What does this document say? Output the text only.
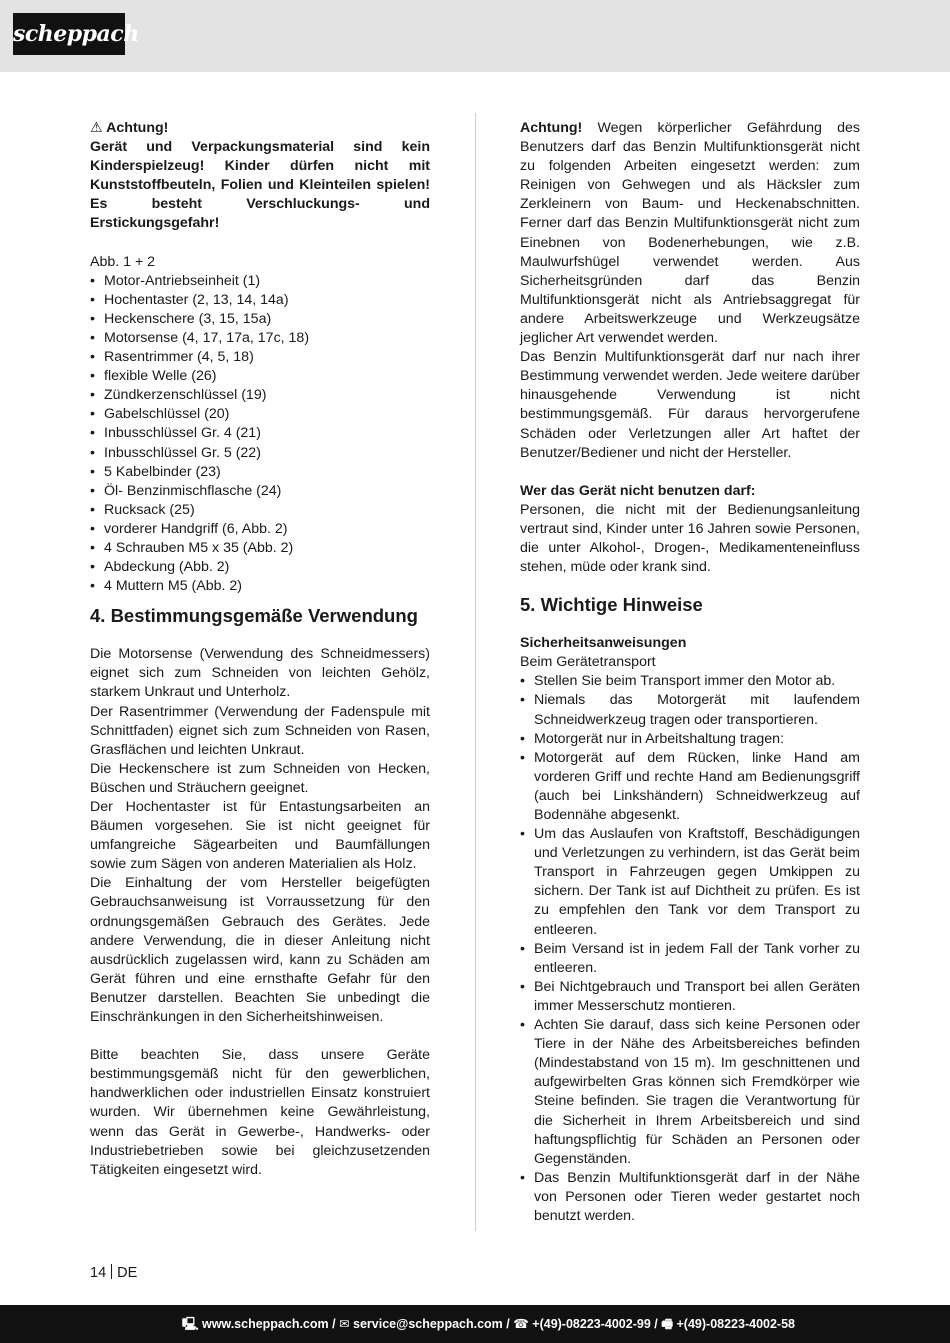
scheppach

⚠ Achtung!

Gerät und Verpackungsmaterial sind kein Kinderspielzeug! Kinder dürfen nicht mit Kunststoffbeuteln, Folien und Kleinteilen spielen! Es besteht Verschluckungs- und Erstickungsgefahr!

Abb. 1 + 2

• Motor-Antriebseinheit (1)
• Hochentaster (2, 13, 14, 14a)
• Heckenschere (3, 15, 15a)
• Motorsense (4, 17, 17a, 17c, 18)
• Rasentrimmer (4, 5, 18)
• flexible Welle (26)
• Zündkerzenschlüssel (19)
• Gabelschlüssel (20)
• Inbusschlüssel Gr. 4 (21)
• Inbusschlüssel Gr. 5 (22)
• 5 Kabelbinder (23)
• Öl- Benzinmischflasche (24)
• Rucksack (25)
• vorderer Handgriff (6, Abb. 2)
• 4 Schrauben M5 x 35 (Abb. 2)
• Abdeckung (Abb. 2)
• 4 Muttern M5 (Abb. 2)
4. Bestimmungsgemäße Verwendung

Die Motorsense (Verwendung des Schneidmessers) eignet sich zum Schneiden von leichten Gehölz, starkem Unkraut und Unterholz.

Der Rasentrimmer (Verwendung der Fadenspule mit Schnittfaden) eignet sich zum Schneiden von Rasen, Grasflächen und leichten Unkraut.

Die Heckenschere ist zum Schneiden von Hecken, Büschen und Sträuchern geeignet.

Der Hochentaster ist für Entastungsarbeiten an Bäumen vorgesehen. Sie ist nicht geeignet für umfangreiche Sägearbeiten und Baumfällungen sowie zum Sägen von anderen Materialien als Holz.

Die Einhaltung der vom Hersteller beigefügten Gebrauchsanweisung ist Vorraussetzung für den ordnungsgemäßen Gebrauch des Gerätes. Jede andere Verwendung, die in dieser Anleitung nicht ausdrücklich zugelassen wird, kann zu Schäden am Gerät führen und eine ernsthafte Gefahr für den Benutzer darstellen. Beachten Sie unbedingt die Einschränkungen in den Sicherheitshinweisen.

Bitte beachten Sie, dass unsere Geräte bestimmungsgemäß nicht für den gewerblichen, handwerklichen oder industriellen Einsatz konstruiert wurden. Wir übernehmen keine Gewährleistung, wenn das Gerät in Gewerbe-, Handwerks- oder Industriebetrieben sowie bei gleichzusetzenden Tätigkeiten eingesetzt wird.

Achtung! Wegen körperlicher Gefährdung des Benutzers darf das Benzin Multifunktionsgerät nicht zu folgenden Arbeiten eingesetzt werden: zum Reinigen von Gehwegen und als Häcksler zum Zerkleinern von Baum- und Heckenabschnitten. Ferner darf das Benzin Multifunktionsgerät nicht zum Einebnen von Bodenerhebungen, wie z.B. Maulwurfshügel verwendet werden. Aus Sicherheitsgründen darf das Benzin Multifunktionsgerät nicht als Antriebsaggregat für andere Arbeitswerkzeuge und Werkzeugsätze jeglicher Art verwendet werden.

Das Benzin Multifunktionsgerät darf nur nach ihrer Bestimmung verwendet werden. Jede weitere darüber hinausgehende Verwendung ist nicht bestimmungsgemäß. Für daraus hervorgerufene Schäden oder Verletzungen aller Art haftet der Benutzer/Bediener und nicht der Hersteller.

Wer das Gerät nicht benutzen darf:

Personen, die nicht mit der Bedienungsanleitung vertraut sind, Kinder unter 16 Jahren sowie Personen, die unter Alkohol-, Drogen-, Medikamenteneinfluss stehen, müde oder krank sind.

5. Wichtige Hinweise

Sicherheitsanweisungen

Beim Gerätetransport

• Stellen Sie beim Transport immer den Motor ab.
• Niemals das Motorgerät mit laufendem Schneidwerkzeug tragen oder transportieren.
• Motorgerät nur in Arbeitshaltung tragen:
• Motorgerät auf dem Rücken, linke Hand am vorderen Griff und rechte Hand am Bedienungsgriff (auch bei Linkshändern) Schneidwerkzeug auf Bodennähe abgesenkt.
• Um das Auslaufen von Kraftstoff, Beschädigungen und Verletzungen zu verhindern, ist das Gerät beim Transport in Fahrzeugen gegen Umkippen zu sichern. Der Tank ist auf Dichtheit zu prüfen. Es ist zu empfehlen den Tank vor dem Transport zu entleeren.
• Beim Versand ist in jedem Fall der Tank vorher zu entleeren.
• Bei Nichtgebrauch und Transport bei allen Geräten immer Messerschutz montieren.
• Achten Sie darauf, dass sich keine Personen oder Tiere in der Nähe des Arbeitsbereiches befinden (Mindestabstand von 15 m). Im geschnittenen und aufgewirbelten Gras können sich Fremdkörper wie Steine befinden. Sie tragen die Verantwortung für die Sicherheit in Ihrem Arbeitsbereich und sind haftungspflichtig für Schäden an Personen oder Gegenständen.
• Das Benzin Multifunktionsgerät darf in der Nähe von Personen oder Tieren weder gestartet noch benutzt werden.
14 DE
🖳 www.scheppach.com / ✉ service@scheppach.com / ☎ +(49)-08223-4002-99 / 🖷 +(49)-08223-4002-58
